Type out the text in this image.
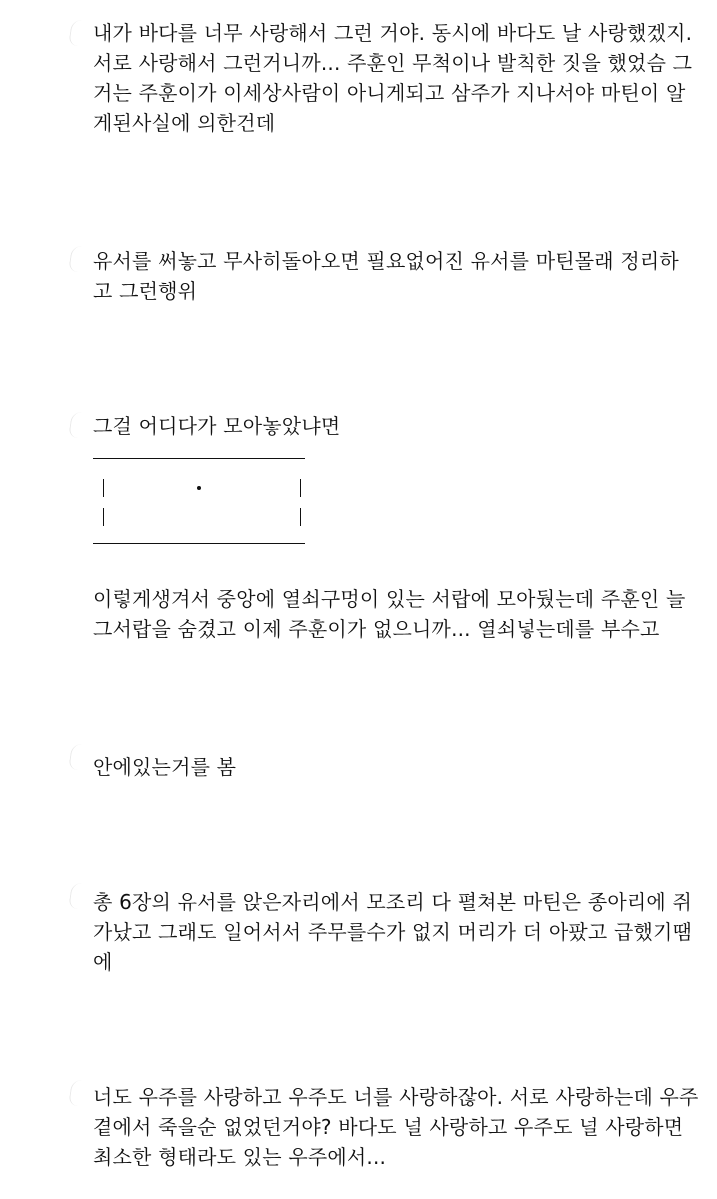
내가 바다를 너무 사랑해서 그런 거야. 동시에 바다도 날 사랑했겠지.
서로 사랑해서 그런거니까... 주훈인 무척이나 발칙한 짓을 했었슴 그
거는 주훈이가 이세상사람이 아니게되고 삼주가 지나서야 마틴이 알
게된사실에 의한건데
유서를 써놓고 무사히돌아오면 필요없어진 유서를 마틴몰래 정리하
고 그런행위
그걸 어디다가 모아놓았냐면
이렇게생겨서 중앙에 열쇠구멍이 있는 서랍에 모아뒀는데 주훈인 늘
그서랍을 숨겼고 이제 주훈이가 없으니까... 열쇠넣는데를 부수고
안에있는거를 봄
총 6장의 유서를 앉은자리에서 모조리 다 펼쳐본 마틴은 종아리에 쥐
가났고 그래도 일어서서 주무를수가 없지 머리가 더 아팠고 급했기땜
에
너도 우주를 사랑하고 우주도 너를 사랑하잖아. 서로 사랑하는데 우주
곁에서 죽을순 없었던거야? 바다도 널 사랑하고 우주도 널 사랑하면
최소한 형태라도 있는 우주에서...
